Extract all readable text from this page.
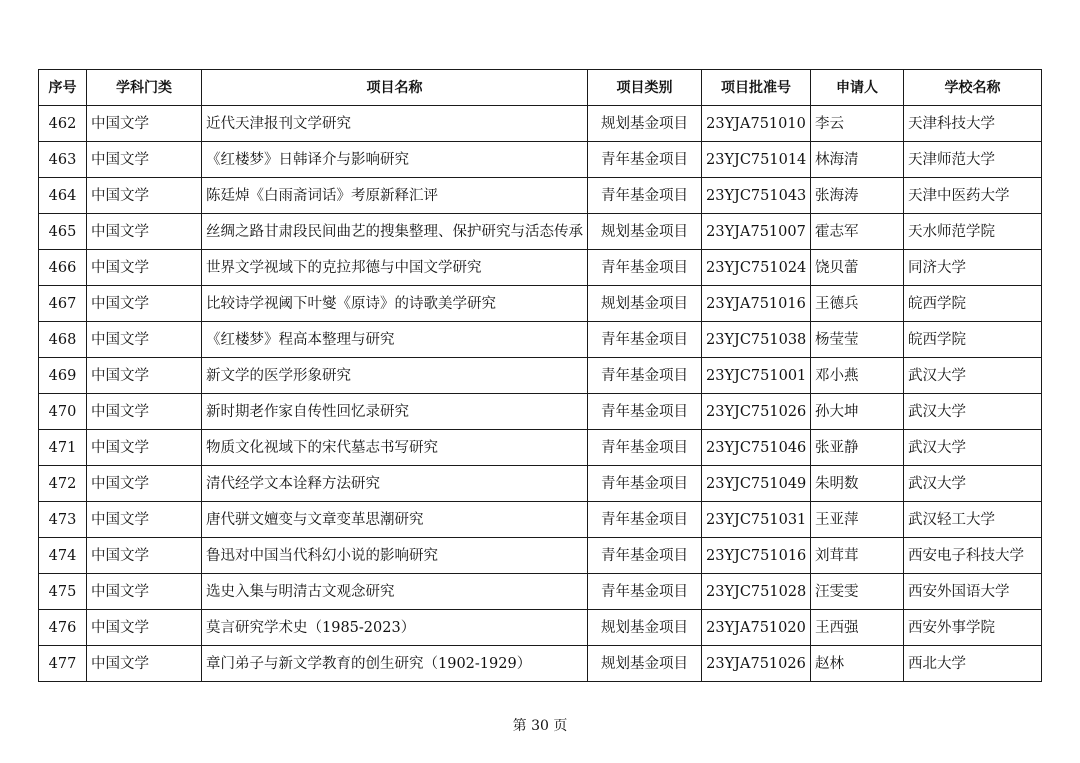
序号	学科门类	项目名称	项目类别	项目批准号	申请人	学校名称
462	中国文学	近代天津报刊文学研究	规划基金项目	23YJA751010	李云	天津科技大学
463	中国文学	《红楼梦》日韩译介与影响研究	青年基金项目	23YJC751014	林海清	天津师范大学
464	中国文学	陈廷焯《白雨斋词话》考原新释汇评	青年基金项目	23YJC751043	张海涛	天津中医药大学
465	中国文学	丝绸之路甘肃段民间曲艺的搜集整理、保护研究与活态传承	规划基金项目	23YJA751007	霍志军	天水师范学院
466	中国文学	世界文学视域下的克拉邦德与中国文学研究	青年基金项目	23YJC751024	饶贝蕾	同济大学
467	中国文学	比较诗学视阈下叶燮《原诗》的诗歌美学研究	规划基金项目	23YJA751016	王德兵	皖西学院
468	中国文学	《红楼梦》程高本整理与研究	青年基金项目	23YJC751038	杨莹莹	皖西学院
469	中国文学	新文学的医学形象研究	青年基金项目	23YJC751001	邓小燕	武汉大学
470	中国文学	新时期老作家自传性回忆录研究	青年基金项目	23YJC751026	孙大坤	武汉大学
471	中国文学	物质文化视域下的宋代墓志书写研究	青年基金项目	23YJC751046	张亚静	武汉大学
472	中国文学	清代经学文本诠释方法研究	青年基金项目	23YJC751049	朱明数	武汉大学
473	中国文学	唐代骈文嬗变与文章变革思潮研究	青年基金项目	23YJC751031	王亚萍	武汉轻工大学
474	中国文学	鲁迅对中国当代科幻小说的影响研究	青年基金项目	23YJC751016	刘茸茸	西安电子科技大学
475	中国文学	选史入集与明清古文观念研究	青年基金项目	23YJC751028	汪雯雯	西安外国语大学
476	中国文学	莫言研究学术史（1985-2023）	规划基金项目	23YJA751020	王西强	西安外事学院
477	中国文学	章门弟子与新文学教育的创生研究（1902-1929）	规划基金项目	23YJA751026	赵林	西北大学
第 30 页
